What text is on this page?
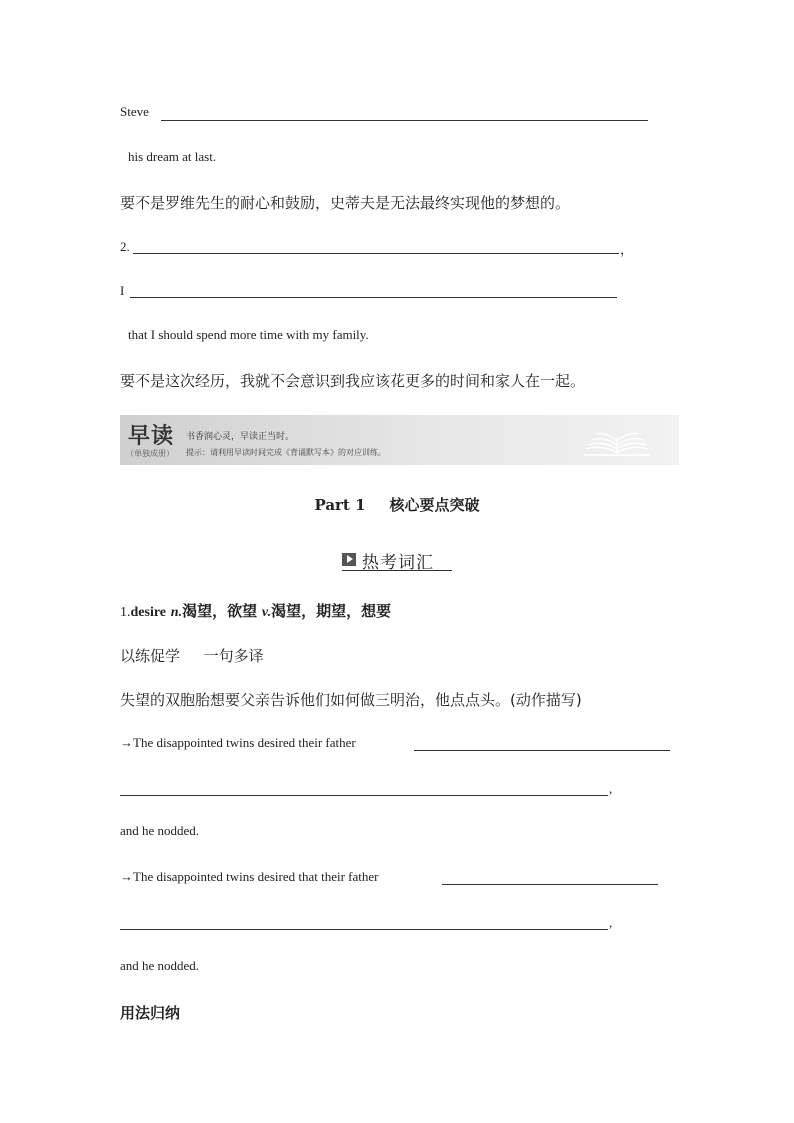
Steve
his dream at last.
要不是罗维先生的耐心和鼓励，史蒂夫是无法最终实现他的梦想的。
2.	，
I
that I should spend more time with my family.
要不是这次经历，我就不会意识到我应该花更多的时间和家人在一起。
早读
（单独成册）
书香润心灵，早读正当时。
提示：请利用早读时间完成《背诵默写本》的对应训练。
Part 1 核心要点突破
热考词汇
1.desire n.渴望，欲望 v.渴望，期望，想要
以练促学 一句多译
失望的双胞胎想要父亲告诉他们如何做三明治，他点点头。(动作描写)
→The disappointed twins desired their father
,
and he nodded.
→The disappointed twins desired that their father
,
and he nodded.
用法归纳
